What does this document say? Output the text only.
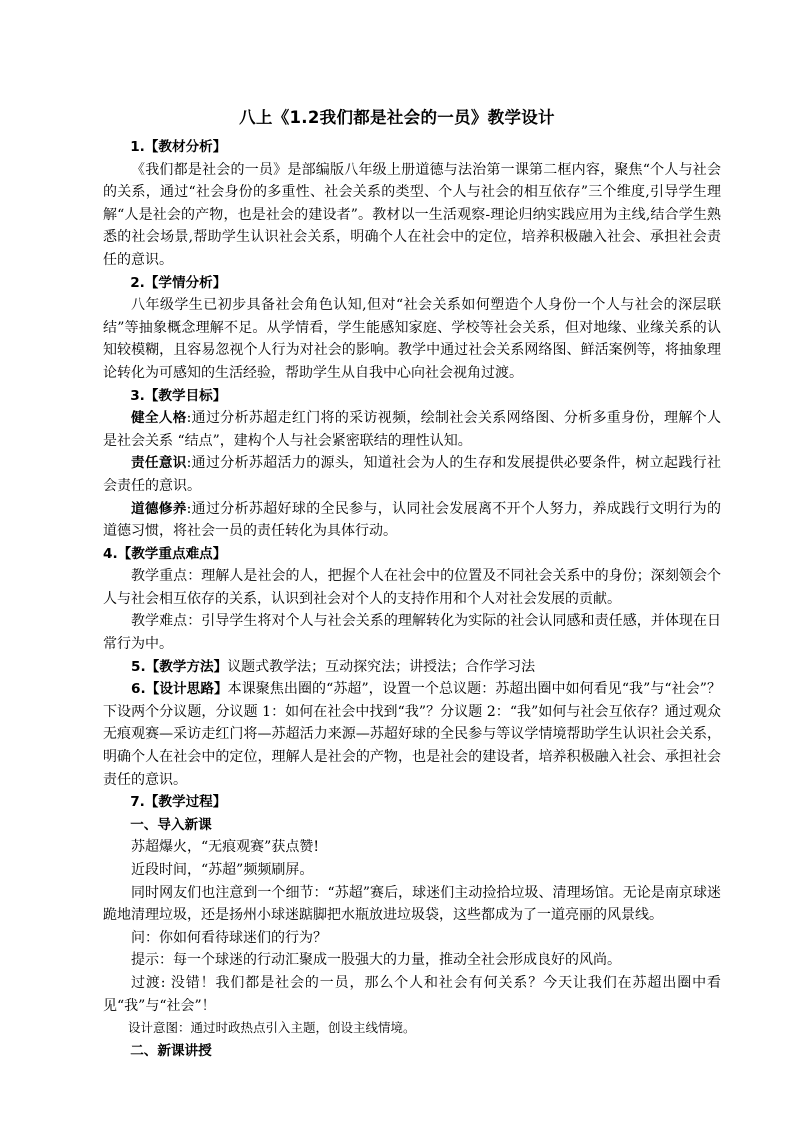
八上《1.2我们都是社会的一员》教学设计

1.【教材分析】

《我们都是社会的一员》是部编版八年级上册道德与法治第一课第二框内容，聚焦“个人与社会的关系，通过“社会身份的多重性、社会关系的类型、个人与社会的相互依存”三个维度,引导学生理解“人是社会的产物，也是社会的建设者”。教材以一生活观察-理论归纳实践应用为主线,结合学生熟悉的社会场景,帮助学生认识社会关系，明确个人在社会中的定位，培养积极融入社会、承担社会责任的意识。

2.【学情分析】

八年级学生已初步具备社会角色认知,但对“社会关系如何塑造个人身份一个人与社会的深层联结”等抽象概念理解不足。从学情看，学生能感知家庭、学校等社会关系，但对地缘、业缘关系的认知较模糊，且容易忽视个人行为对社会的影响。教学中通过社会关系网络图、鲜活案例等，将抽象理论转化为可感知的生活经验，帮助学生从自我中心向社会视角过渡。

3.【教学目标】

健全人格:通过分析苏超走红门将的采访视频，绘制社会关系网络图、分析多重身份，理解个人是社会关系 “结点”，建构个人与社会紧密联结的理性认知。

责任意识:通过分析苏超活力的源头，知道社会为人的生存和发展提供必要条件，树立起践行社会责任的意识。

道德修养:通过分析苏超好球的全民参与，认同社会发展离不开个人努力，养成践行文明行为的道德习惯，将社会一员的责任转化为具体行动。

4.【教学重点难点】

教学重点：理解人是社会的人，把握个人在社会中的位置及不同社会关系中的身份；深刻领会个人与社会相互依存的关系，认识到社会对个人的支持作用和个人对社会发展的贡献。

教学难点：引导学生将对个人与社会关系的理解转化为实际的社会认同感和责任感，并体现在日常行为中。

5.【教学方法】议题式教学法；互动探究法；讲授法；合作学习法

6.【设计思路】本课聚焦出圈的“苏超”，设置一个总议题：苏超出圈中如何看见“我”与“社会”？下设两个分议题，分议题 1：如何在社会中找到“我”？分议题 2：“我”如何与社会互依存？通过观众无痕观赛—采访走红门将—苏超活力来源—苏超好球的全民参与等议学情境帮助学生认识社会关系，明确个人在社会中的定位，理解人是社会的产物，也是社会的建设者，培养积极融入社会、承担社会责任的意识。

7.【教学过程】

一、导入新课

苏超爆火，“无痕观赛”获点赞!

近段时间，“苏超”频频刷屏。

同时网友们也注意到一个细节：“苏超”赛后，球迷们主动捡拾垃圾、清理场馆。无论是南京球迷跪地清理垃圾，还是扬州小球迷踮脚把水瓶放进垃圾袋，这些都成为了一道亮丽的风景线。

问：你如何看待球迷们的行为？

提示：每一个球迷的行动汇聚成一股强大的力量，推动全社会形成良好的风尚。

过渡: 没错！我们都是社会的一员，那么个人和社会有何关系？今天让我们在苏超出圈中看见“我”与“社会”！

设计意图：通过时政热点引入主题，创设主线情境。

二、新课讲授
